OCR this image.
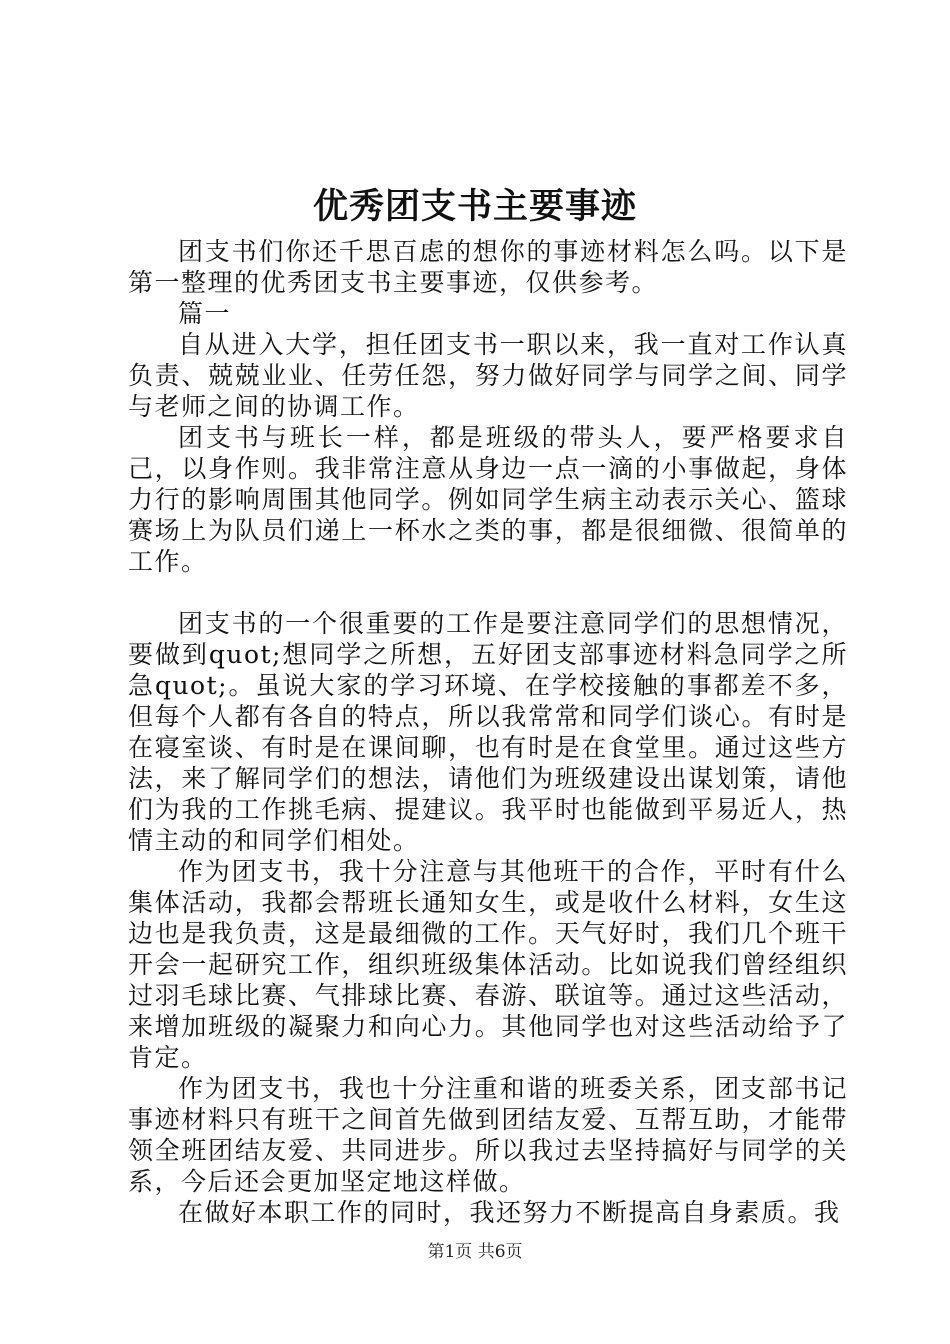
优秀团支书主要事迹

团支书们你还千思百虑的想你的事迹材料怎么吗。以下是第一整理的优秀团支书主要事迹，仅供参考。

篇一

自从进入大学，担任团支书一职以来，我一直对工作认真负责、兢兢业业、任劳任怨，努力做好同学与同学之间、同学与老师之间的协调工作。

团支书与班长一样，都是班级的带头人，要严格要求自己，以身作则。我非常注意从身边一点一滴的小事做起，身体力行的影响周围其他同学。例如同学生病主动表示关心、篮球赛场上为队员们递上一杯水之类的事，都是很细微、很简单的工作。

团支书的一个很重要的工作是要注意同学们的思想情况，要做到quot;想同学之所想，五好团支部事迹材料急同学之所急quot;。虽说大家的学习环境、在学校接触的事都差不多，但每个人都有各自的特点，所以我常常和同学们谈心。有时是在寝室谈、有时是在课间聊，也有时是在食堂里。通过这些方法，来了解同学们的想法，请他们为班级建设出谋划策，请他们为我的工作挑毛病、提建议。我平时也能做到平易近人，热情主动的和同学们相处。

作为团支书，我十分注意与其他班干的合作，平时有什么集体活动，我都会帮班长通知女生，或是收什么材料，女生这边也是我负责，这是最细微的工作。天气好时，我们几个班干开会一起研究工作，组织班级集体活动。比如说我们曾经组织过羽毛球比赛、气排球比赛、春游、联谊等。通过这些活动，来增加班级的凝聚力和向心力。其他同学也对这些活动给予了肯定。

作为团支书，我也十分注重和谐的班委关系，团支部书记事迹材料只有班干之间首先做到团结友爱、互帮互助，才能带领全班团结友爱、共同进步。所以我过去坚持搞好与同学的关系，今后还会更加坚定地这样做。

在做好本职工作的同时，我还努力不断提高自身素质。我

第1页 共6页
